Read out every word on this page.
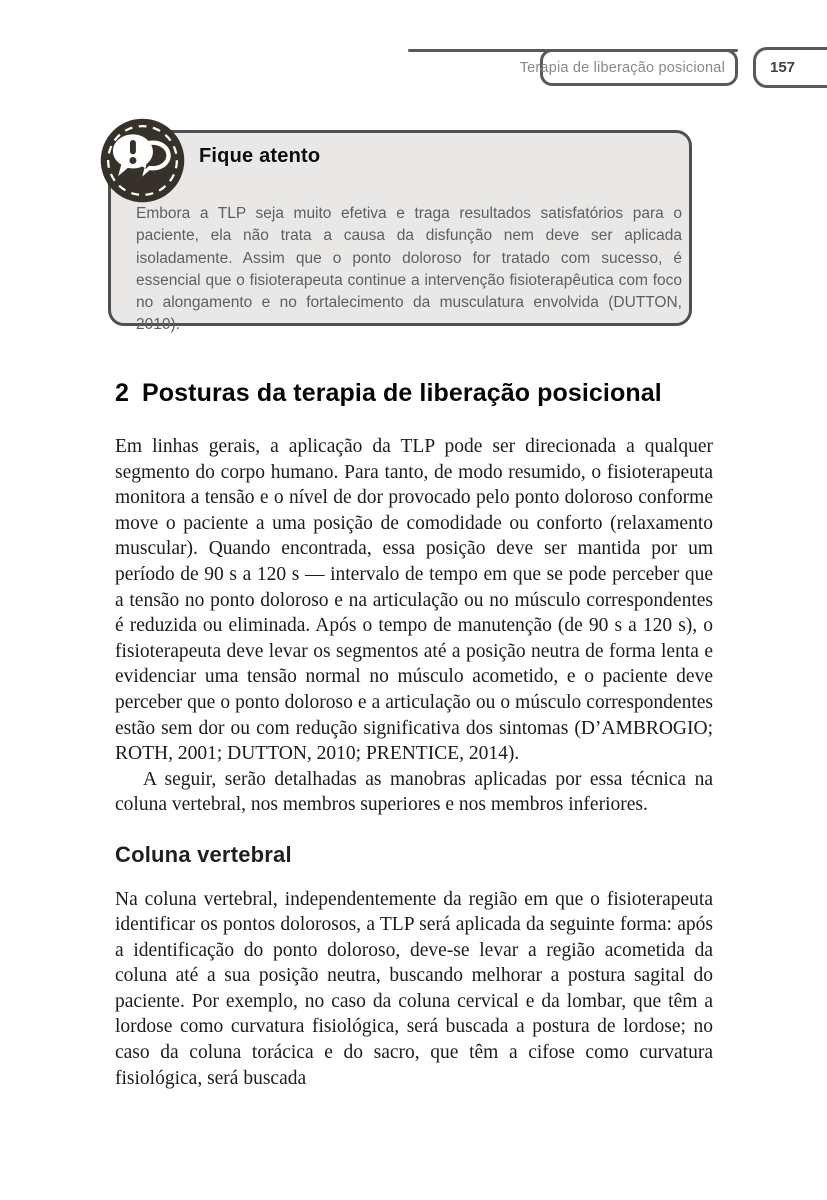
Terapia de liberação posicional	157
Fique atento
Embora a TLP seja muito efetiva e traga resultados satisfatórios para o paciente, ela não trata a causa da disfunção nem deve ser aplicada isoladamente. Assim que o ponto doloroso for tratado com sucesso, é essencial que o fisioterapeuta continue a intervenção fisioterapêutica com foco no alongamento e no fortalecimento da musculatura envolvida (DUTTON, 2010).
2 Posturas da terapia de liberação posicional

Em linhas gerais, a aplicação da TLP pode ser direcionada a qualquer segmento do corpo humano. Para tanto, de modo resumido, o fisioterapeuta monitora a tensão e o nível de dor provocado pelo ponto doloroso conforme move o paciente a uma posição de comodidade ou conforto (relaxamento muscular). Quando encontrada, essa posição deve ser mantida por um período de 90 s a 120 s — intervalo de tempo em que se pode perceber que a tensão no ponto doloroso e na articulação ou no músculo correspondentes é reduzida ou eliminada. Após o tempo de manutenção (de 90 s a 120 s), o fisioterapeuta deve levar os segmentos até a posição neutra de forma lenta e evidenciar uma tensão normal no músculo acometido, e o paciente deve perceber que o ponto doloroso e a articulação ou o músculo correspondentes estão sem dor ou com redução significativa dos sintomas (D’AMBROGIO; ROTH, 2001; DUTTON, 2010; PRENTICE, 2014).

A seguir, serão detalhadas as manobras aplicadas por essa técnica na coluna vertebral, nos membros superiores e nos membros inferiores.

Coluna vertebral

Na coluna vertebral, independentemente da região em que o fisioterapeuta identificar os pontos dolorosos, a TLP será aplicada da seguinte forma: após a identificação do ponto doloroso, deve-se levar a região acometida da coluna até a sua posição neutra, buscando melhorar a postura sagital do paciente. Por exemplo, no caso da coluna cervical e da lombar, que têm a lordose como curvatura fisiológica, será buscada a postura de lordose; no caso da coluna torácica e do sacro, que têm a cifose como curvatura fisiológica, será buscada
